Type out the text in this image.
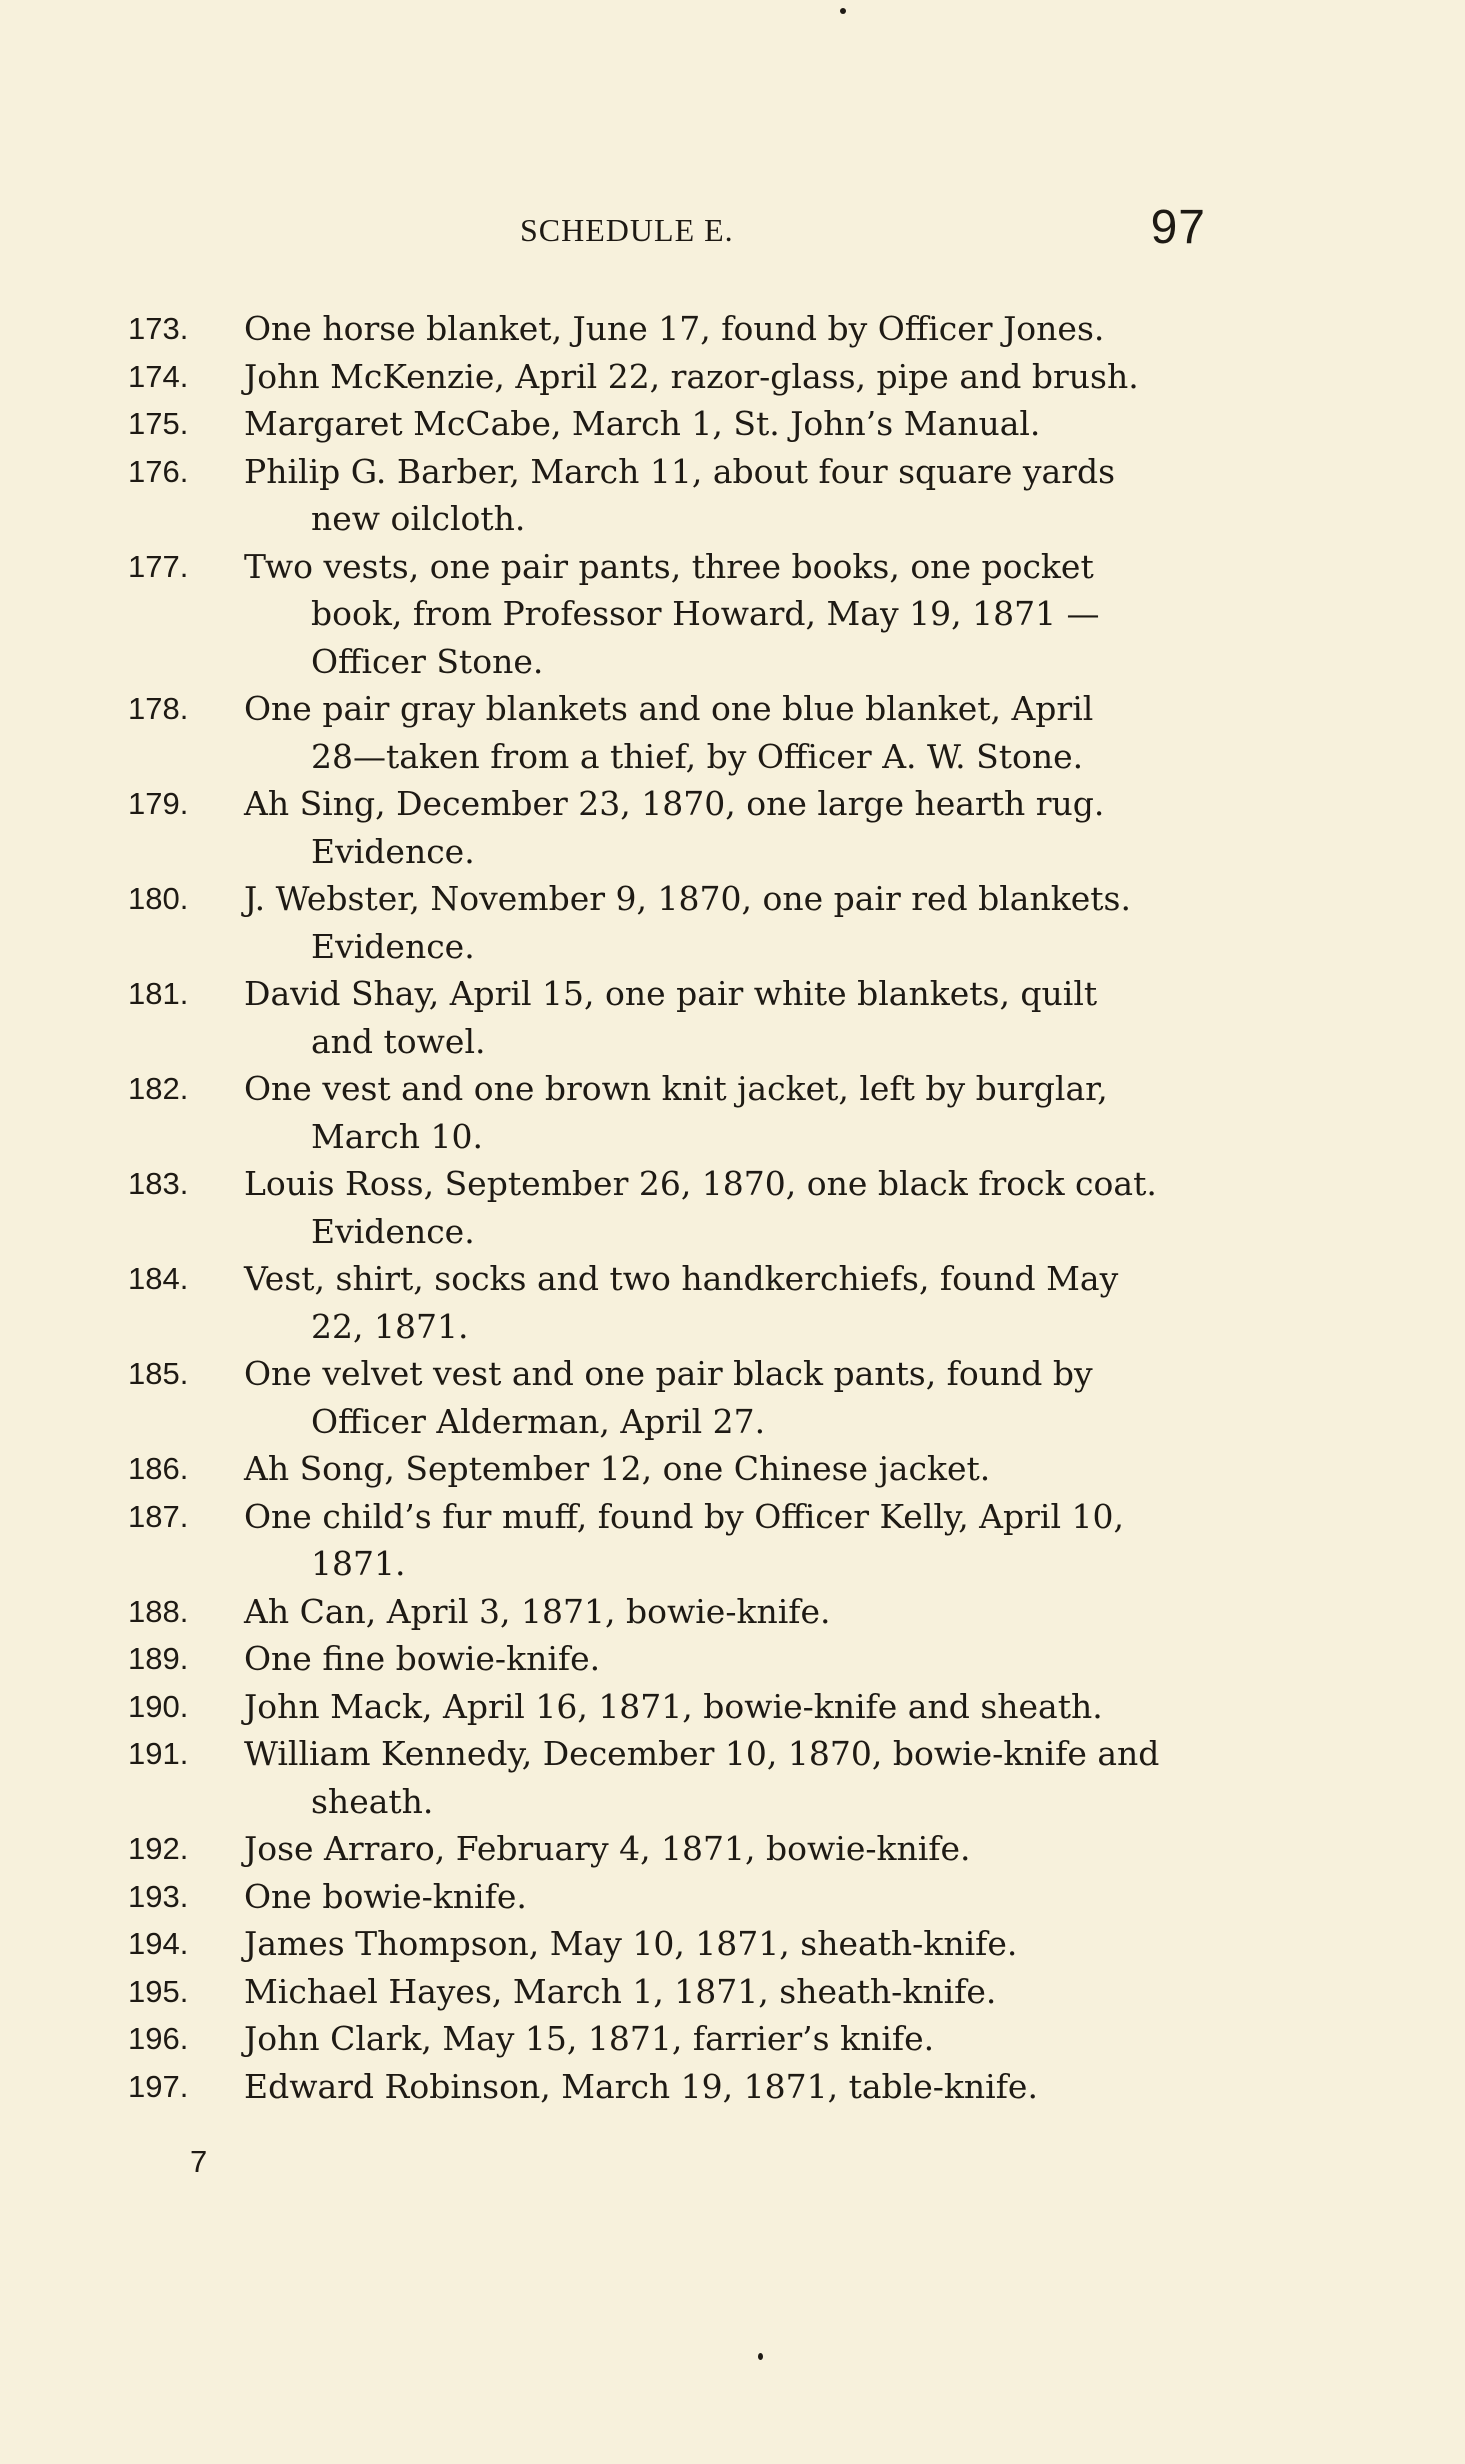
SCHEDULE E.	97
173.	One horse blanket, June 17, found by Officer Jones.
174.	John McKenzie, April 22, razor-glass, pipe and brush.
175.	Margaret McCabe, March 1, St. John’s Manual.
176.	Philip G. Barber, March 11, about four square yards
new oilcloth.
177.	Two vests, one pair pants, three books, one pocket
book, from Professor Howard, May 19, 1871 —
Officer Stone.
178.	One pair gray blankets and one blue blanket, April
28—taken from a thief, by Officer A. W. Stone.
179.	Ah Sing, December 23, 1870, one large hearth rug.
Evidence.
180.	J. Webster, November 9, 1870, one pair red blankets.
Evidence.
181.	David Shay, April 15, one pair white blankets, quilt
and towel.
182.	One vest and one brown knit jacket, left by burglar,
March 10.
183.	Louis Ross, September 26, 1870, one black frock coat.
Evidence.
184.	Vest, shirt, socks and two handkerchiefs, found May
22, 1871.
185.	One velvet vest and one pair black pants, found by
Officer Alderman, April 27.
186.	Ah Song, September 12, one Chinese jacket.
187.	One child’s fur muff, found by Officer Kelly, April 10,
1871.
188.	Ah Can, April 3, 1871, bowie-knife.
189.	One fine bowie-knife.
190.	John Mack, April 16, 1871, bowie-knife and sheath.
191.	William Kennedy, December 10, 1870, bowie-knife and
sheath.
192.	Jose Arraro, February 4, 1871, bowie-knife.
193.	One bowie-knife.
194.	James Thompson, May 10, 1871, sheath-knife.
195.	Michael Hayes, March 1, 1871, sheath-knife.
196.	John Clark, May 15, 1871, farrier’s knife.
197.	Edward Robinson, March 19, 1871, table-knife.
7
